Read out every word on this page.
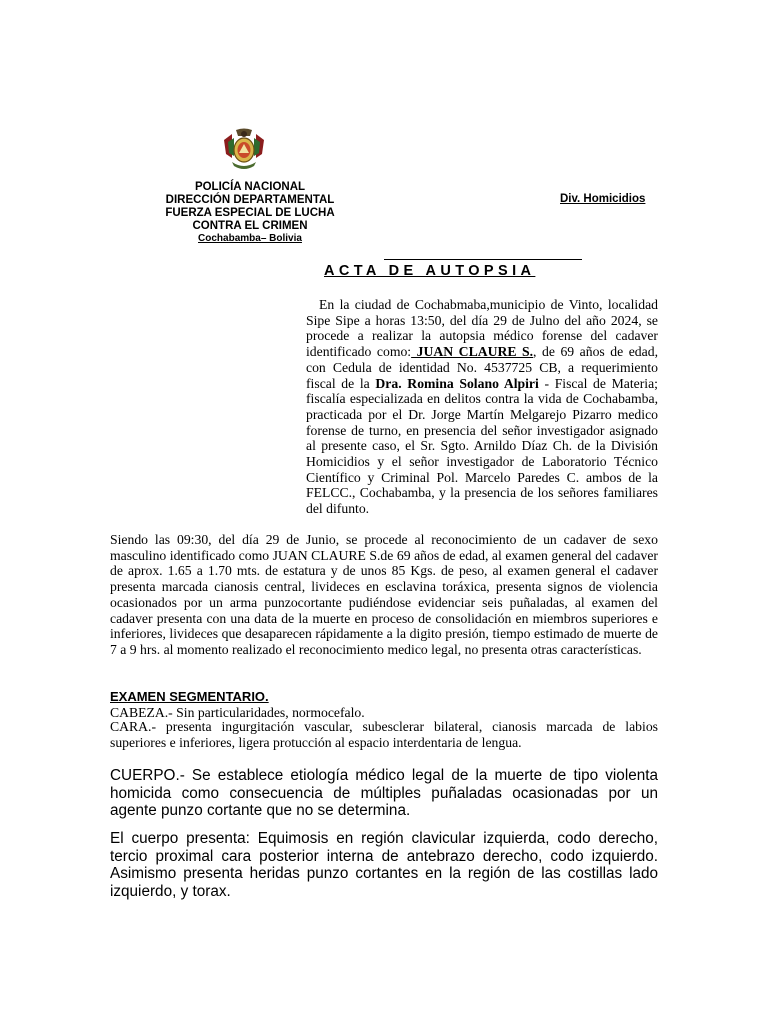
POLICÍA NACIONAL
DIRECCIÓN DEPARTAMENTAL
FUERZA ESPECIAL DE LUCHA
CONTRA EL CRIMEN
Cochabamba– Bolivia
Div. Homicidios
ACTA DE AUTOPSIA

En la ciudad de Cochabmaba,municipio de Vinto, localidad Sipe Sipe a horas 13:50, del día 29 de Julno del año 2024, se procede a realizar la autopsia médico forense del cadaver identificado como: JUAN CLAURE S., de 69 años de edad, con Cedula de identidad No. 4537725 CB, a requerimiento fiscal de la Dra. Romina Solano Alpiri - Fiscal de Materia; fiscalía especializada en delitos contra la vida de Cochabamba, practicada por el Dr. Jorge Martín Melgarejo Pizarro medico forense de turno, en presencia del señor investigador asignado al presente caso, el Sr. Sgto. Arnildo Díaz Ch. de la División Homicidios y el señor investigador de Laboratorio Técnico Científico y Criminal Pol. Marcelo Paredes C. ambos de la FELCC., Cochabamba, y la presencia de los señores familiares del difunto.

Siendo las 09:30, del día 29 de Junio, se procede al reconocimiento de un cadaver de sexo masculino identificado como JUAN CLAURE S.de 69 años de edad, al examen general del cadaver de aprox. 1.65 a 1.70 mts. de estatura y de unos 85 Kgs. de peso, al examen general el cadaver presenta marcada cianosis central, livideces en esclavina toráxica, presenta signos de violencia ocasionados por un arma punzocortante pudiéndose evidenciar seis puñaladas, al examen del cadaver presenta con una data de la muerte en proceso de consolidación en miembros superiores e inferiores, livideces que desaparecen rápidamente a la digito presión, tiempo estimado de muerte de 7 a 9 hrs. al momento realizado el reconocimiento medico legal, no presenta otras características.

EXAMEN SEGMENTARIO.

CABEZA.- Sin particularidades, normocefalo.

CARA.- presenta ingurgitación vascular, subesclerar bilateral, cianosis marcada de labios superiores e inferiores, ligera protucción al espacio interdentaria de lengua.

CUERPO.- Se establece etiología médico legal de la muerte de tipo violenta homicida como consecuencia de múltiples puñaladas ocasionadas por un agente punzo cortante que no se determina.

El cuerpo presenta: Equimosis en región clavicular izquierda, codo derecho, tercio proximal cara posterior interna de antebrazo derecho, codo izquierdo. Asimismo presenta heridas punzo cortantes en la región de las costillas lado izquierdo, y torax.
